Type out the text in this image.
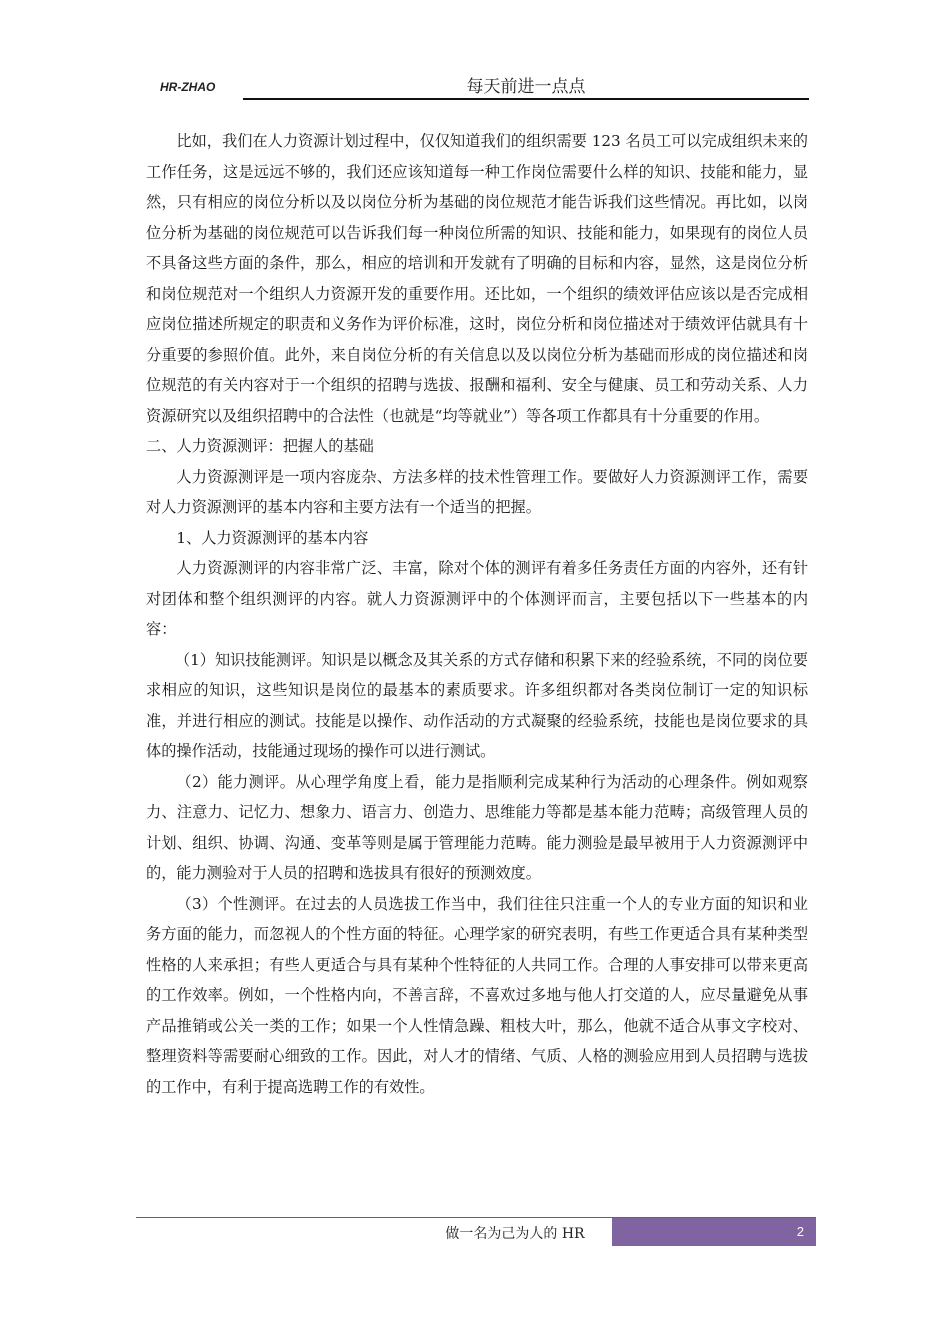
HR-ZHAO	每天前进一点点

比如，我们在人力资源计划过程中，仅仅知道我们的组织需要 123 名员工可以完成组织未来的工作任务，这是远远不够的，我们还应该知道每一种工作岗位需要什么样的知识、技能和能力，显然，只有相应的岗位分析以及以岗位分析为基础的岗位规范才能告诉我们这些情况。再比如，以岗位分析为基础的岗位规范可以告诉我们每一种岗位所需的知识、技能和能力，如果现有的岗位人员不具备这些方面的条件，那么，相应的培训和开发就有了明确的目标和内容，显然，这是岗位分析和岗位规范对一个组织人力资源开发的重要作用。还比如，一个组织的绩效评估应该以是否完成相应岗位描述所规定的职责和义务作为评价标准，这时，岗位分析和岗位描述对于绩效评估就具有十分重要的参照价值。此外，来自岗位分析的有关信息以及以岗位分析为基础而形成的岗位描述和岗位规范的有关内容对于一个组织的招聘与选拔、报酬和福利、安全与健康、员工和劳动关系、人力资源研究以及组织招聘中的合法性（也就是“均等就业”）等各项工作都具有十分重要的作用。

二、人力资源测评：把握人的基础

人力资源测评是一项内容庞杂、方法多样的技术性管理工作。要做好人力资源测评工作，需要对人力资源测评的基本内容和主要方法有一个适当的把握。

1、人力资源测评的基本内容

人力资源测评的内容非常广泛、丰富，除对个体的测评有着多任务责任方面的内容外，还有针对团体和整个组织测评的内容。就人力资源测评中的个体测评而言，主要包括以下一些基本的内容：

（1）知识技能测评。知识是以概念及其关系的方式存储和积累下来的经验系统，不同的岗位要求相应的知识，这些知识是岗位的最基本的素质要求。许多组织都对各类岗位制订一定的知识标准，并进行相应的测试。技能是以操作、动作活动的方式凝聚的经验系统，技能也是岗位要求的具体的操作活动，技能通过现场的操作可以进行测试。

（2）能力测评。从心理学角度上看，能力是指顺利完成某种行为活动的心理条件。例如观察力、注意力、记忆力、想象力、语言力、创造力、思维能力等都是基本能力范畴；高级管理人员的计划、组织、协调、沟通、变革等则是属于管理能力范畴。能力测验是最早被用于人力资源测评中的，能力测验对于人员的招聘和选拔具有很好的预测效度。

（3）个性测评。在过去的人员选拔工作当中，我们往往只注重一个人的专业方面的知识和业务方面的能力，而忽视人的个性方面的特征。心理学家的研究表明，有些工作更适合具有某种类型性格的人来承担；有些人更适合与具有某种个性特征的人共同工作。合理的人事安排可以带来更高的工作效率。例如，一个性格内向，不善言辞，不喜欢过多地与他人打交道的人，应尽量避免从事产品推销或公关一类的工作；如果一个人性情急躁、粗枝大叶，那么，他就不适合从事文字校对、整理资料等需要耐心细致的工作。因此，对人才的情绪、气质、人格的测验应用到人员招聘与选拔的工作中，有利于提高选聘工作的有效性。

做一名为己为人的 HR	2
